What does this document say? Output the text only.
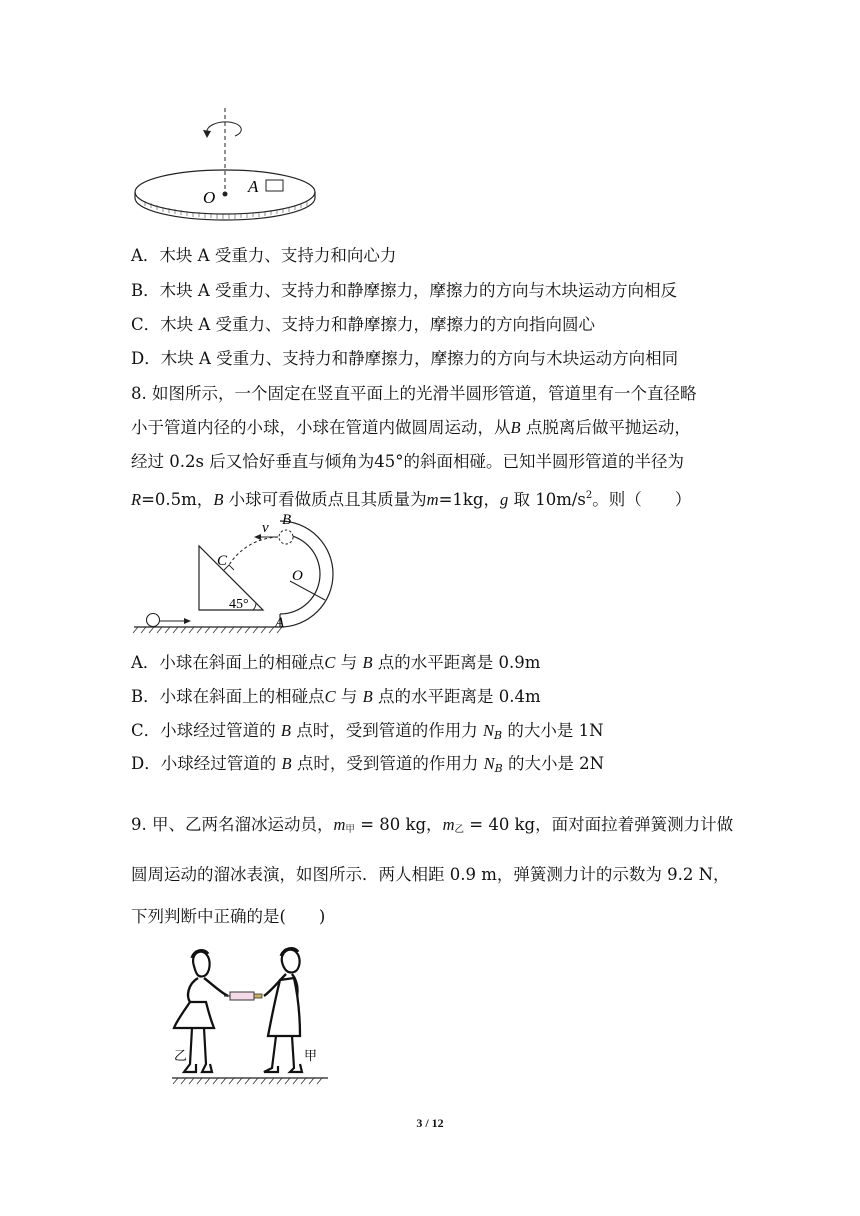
O
A
A．木块 A 受重力、支持力和向心力
B．木块 A 受重力、支持力和静摩擦力，摩擦力的方向与木块运动方向相反
C．木块 A 受重力、支持力和静摩擦力，摩擦力的方向指向圆心
D．木块 A 受重力、支持力和静摩擦力，摩擦力的方向与木块运动方向相同
8. 如图所示，一个固定在竖直平面上的光滑半圆形管道，管道里有一个直径略
小于管道内径的小球，小球在管道内做圆周运动，从B 点脱离后做平抛运动，
经过 0.2s 后又恰好垂直与倾角为45°的斜面相碰。已知半圆形管道的半径为
R=0.5m，B 小球可看做质点且其质量为m=1kg，g 取 $10m/s^2$。则（　　）
v B
C
O
45°
A
A．小球在斜面上的相碰点C 与 B 点的水平距离是 0.9m
B．小球在斜面上的相碰点C 与 B 点的水平距离是 0.4m
C．小球经过管道的 B 点时，受到管道的作用力 $N_B$ 的大小是 1N
D．小球经过管道的 B 点时，受到管道的作用力 $N_B$ 的大小是 2N
9. 甲、乙两名溜冰运动员，m甲 = 80 kg，m乙 = 40 kg，面对面拉着弹簧测力计做
圆周运动的溜冰表演，如图所示．两人相距 0.9 m，弹簧测力计的示数为 9.2 N，
下列判断中正确的是(　　)
乙	甲
3 / 12
